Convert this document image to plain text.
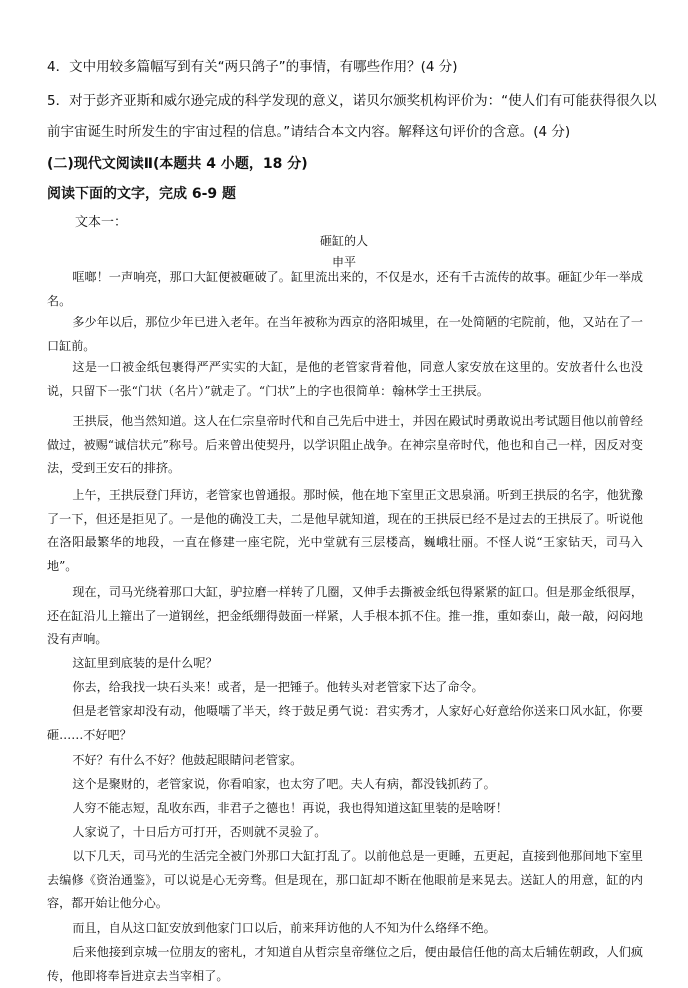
4．文中用较多篇幅写到有关“两只鸽子”的事情，有哪些作用？(4 分)
5．对于彭齐亚斯和威尔逊完成的科学发现的意义，诺贝尔颁奖机构评价为：“使人们有可能获得很久以前宇宙诞生时所发生的宇宙过程的信息。”请结合本文内容。解释这句评价的含意。(4 分)
(二)现代文阅读Ⅱ(本题共 4 小题，18 分)
阅读下面的文字，完成 6-9 题
文本一：
砸缸的人
申平
哐啷！一声响亮，那口大缸便被砸破了。缸里流出来的，不仅是水，还有千古流传的故事。砸缸少年一举成名。
多少年以后，那位少年已进入老年。在当年被称为西京的洛阳城里，在一处简陋的宅院前，他，又站在了一口缸前。
这是一口被金纸包裹得严严实实的大缸，是他的老管家背着他，同意人家安放在这里的。安放者什么也没说，只留下一张“门状（名片）”就走了。“门状”上的字也很简单：翰林学士王拱辰。
王拱辰，他当然知道。这人在仁宗皇帝时代和自己先后中进士，并因在殿试时勇敢说出考试题目他以前曾经做过，被赐“诚信状元”称号。后来曾出使契丹，以学识阻止战争。在神宗皇帝时代，他也和自己一样，因反对变法，受到王安石的排挤。
上午，王拱辰登门拜访，老管家也曾通报。那时候，他在地下室里正文思泉涌。听到王拱辰的名字，他犹豫了一下，但还是拒见了。一是他的确没工夫，二是他早就知道，现在的王拱辰已经不是过去的王拱辰了。听说他在洛阳最繁华的地段，一直在修建一座宅院，光中堂就有三层楼高，巍峨壮丽。不怪人说“王家钻天，司马入地”。
现在，司马光绕着那口大缸，驴拉磨一样转了几圈，又伸手去撕被金纸包得紧紧的缸口。但是那金纸很厚，还在缸沿儿上箍出了一道钢丝，把金纸绷得鼓面一样紧，人手根本抓不住。推一推，重如泰山，敲一敲，闷闷地没有声响。
这缸里到底装的是什么呢？
你去，给我找一块石头来！或者，是一把锤子。他转头对老管家下达了命令。
但是老管家却没有动，他嗫嚅了半天，终于鼓足勇气说：君实秀才，人家好心好意给你送来口风水缸，你要砸……不好吧？
不好？有什么不好？他鼓起眼睛问老管家。
这个是聚财的，老管家说，你看咱家，也太穷了吧。夫人有病，都没钱抓药了。
人穷不能志短，乱收东西，非君子之德也！再说，我也得知道这缸里装的是啥呀！
人家说了，十日后方可打开，否则就不灵验了。
以下几天，司马光的生活完全被门外那口大缸打乱了。以前他总是一更睡，五更起，直接到他那间地下室里去编修《资治通鉴》，可以说是心无旁骛。但是现在，那口缸却不断在他眼前是来晃去。送缸人的用意，缸的内容，都开始让他分心。
而且，自从这口缸安放到他家门口以后，前来拜访他的人不知为什么络绎不绝。
后来他接到京城一位朋友的密札，才知道自从哲宗皇帝继位之后，便由最信任他的高太后辅佐朝政，人们疯传，他即将奉旨进京去当宰相了。
